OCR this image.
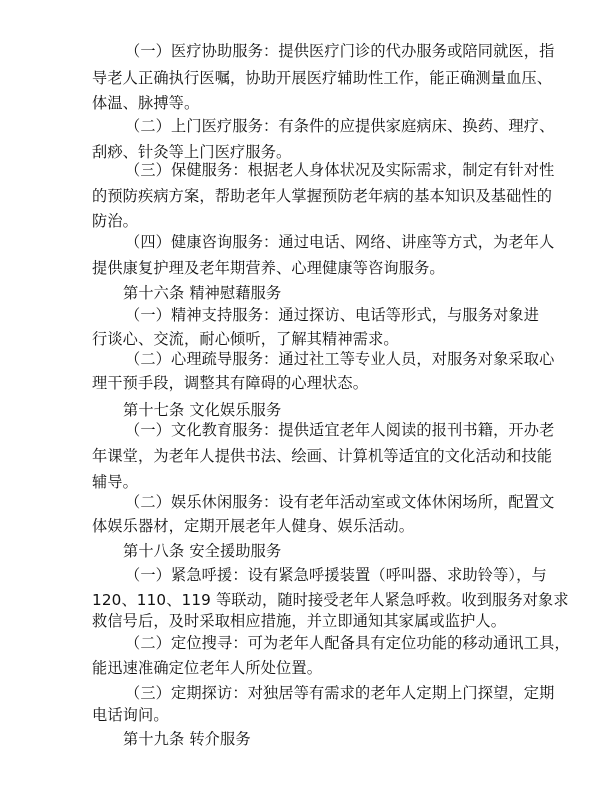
（一）医疗协助服务：提供医疗门诊的代办服务或陪同就医，指
导老人正确执行医嘱，协助开展医疗辅助性工作，能正确测量血压、
体温、脉搏等。
（二）上门医疗服务：有条件的应提供家庭病床、换药、理疗、
刮痧、针灸等上门医疗服务。
（三）保健服务：根据老人身体状况及实际需求，制定有针对性
的预防疾病方案，帮助老年人掌握预防老年病的基本知识及基础性的
防治。
（四）健康咨询服务：通过电话、网络、讲座等方式，为老年人
提供康复护理及老年期营养、心理健康等咨询服务。
第十六条 精神慰藉服务
（一）精神支持服务：通过探访、电话等形式，与服务对象进
行谈心、交流，耐心倾听，了解其精神需求。
（二）心理疏导服务：通过社工等专业人员，对服务对象采取心
理干预手段，调整其有障碍的心理状态。
第十七条 文化娱乐服务
（一）文化教育服务：提供适宜老年人阅读的报刊书籍，开办老
年课堂，为老年人提供书法、绘画、计算机等适宜的文化活动和技能
辅导。
（二）娱乐休闲服务：设有老年活动室或文体休闲场所，配置文
体娱乐器材，定期开展老年人健身、娱乐活动。
第十八条 安全援助服务
（一）紧急呼援：设有紧急呼援装置（呼叫器、求助铃等），与
120、110、119 等联动，随时接受老年人紧急呼救。收到服务对象求
救信号后，及时采取相应措施，并立即通知其家属或监护人。
（二）定位搜寻：可为老年人配备具有定位功能的移动通讯工具，
能迅速准确定位老年人所处位置。
（三）定期探访：对独居等有需求的老年人定期上门探望，定期
电话询问。
第十九条 转介服务
